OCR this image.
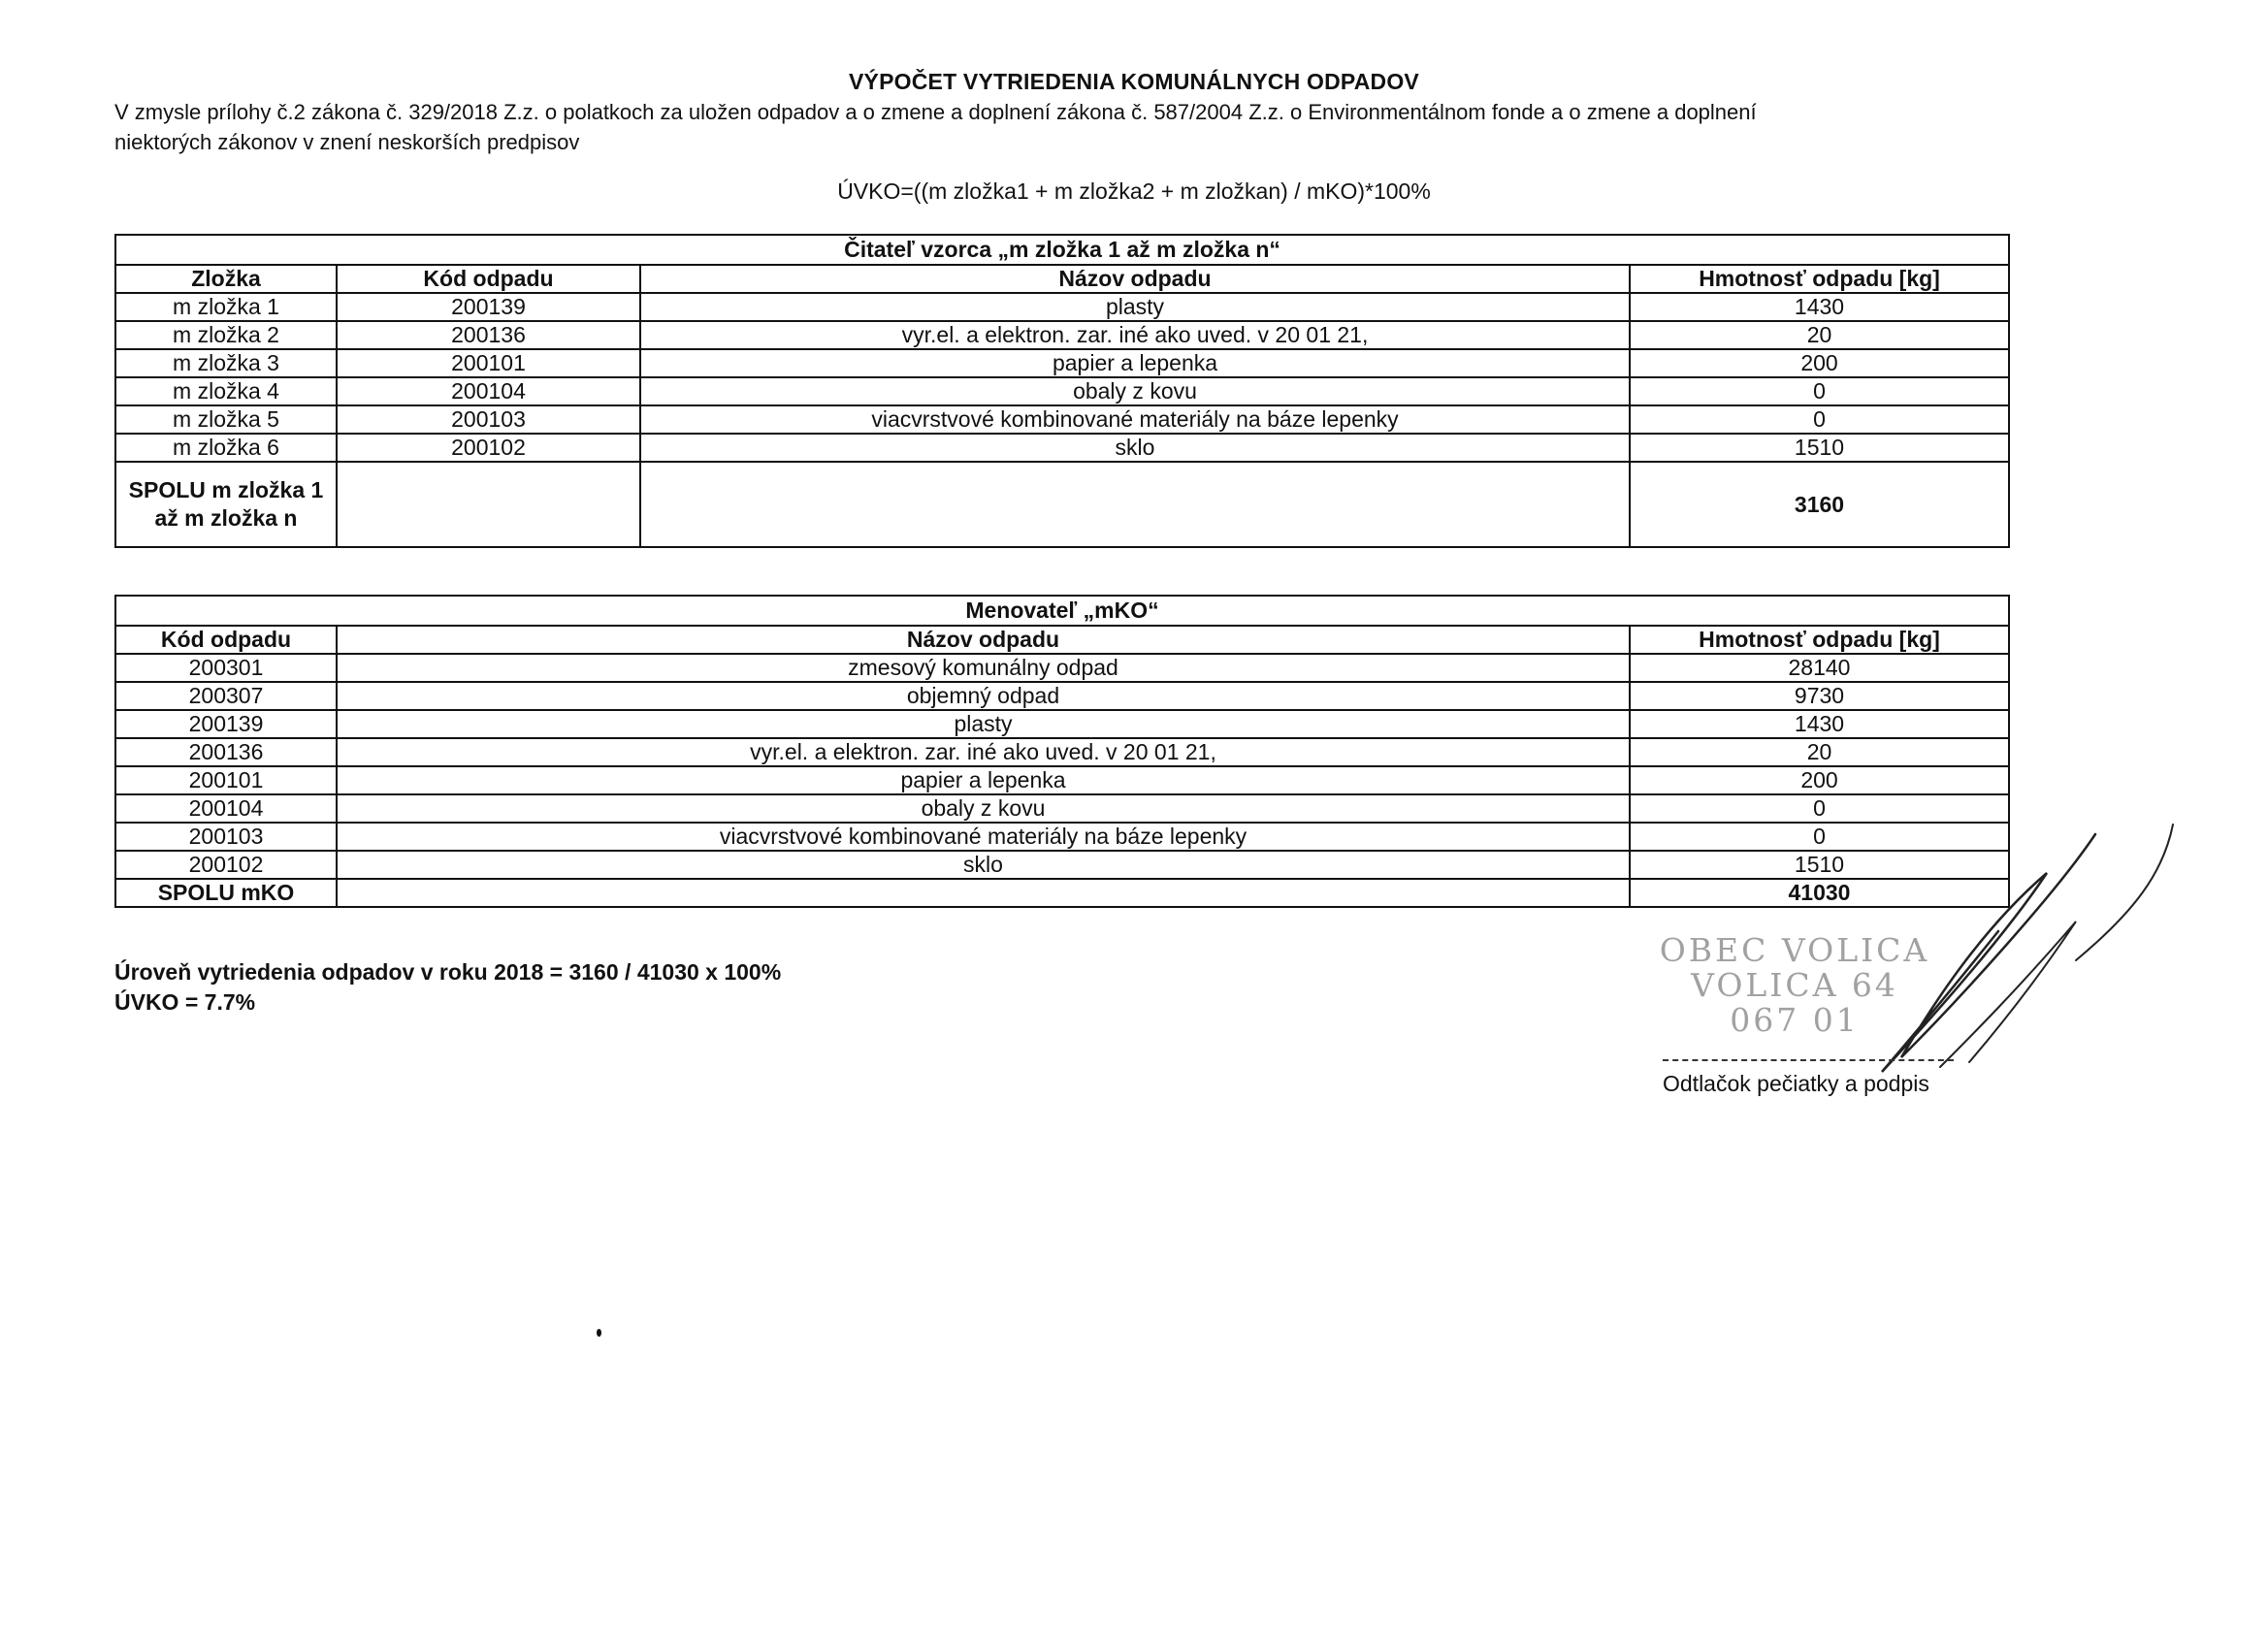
VÝPOČET VYTRIEDENIA KOMUNÁLNYCH ODPADOV
V zmysle prílohy č.2 zákona č. 329/2018 Z.z. o polatkoch za uložen odpadov a o zmene a doplnení zákona č. 587/2004 Z.z. o Environmentálnom fonde a o zmene a doplnení
niektorých zákonov v znení neskorších predpisov
ÚVKO=((m zložka1 + m zložka2 + m zložkan) / mKO)*100%
Čitateľ vzorca „m zložka 1 až m zložka n“			
Zložka	Kód odpadu	Názov odpadu	Hmotnosť odpadu [kg]
m zložka 1	200139	plasty	1430
m zložka 2	200136	vyr.el. a elektron. zar. iné ako uved. v 20 01 21,	20
m zložka 3	200101	papier a lepenka	200
m zložka 4	200104	obaly z kovu	0
m zložka 5	200103	viacvrstvové kombinované materiály na báze lepenky	0
m zložka 6	200102	sklo	1510
SPOLU m zložka 1 až m zložka n			3160
Menovateľ „mKO“		
Kód odpadu	Názov odpadu	Hmotnosť odpadu [kg]
200301	zmesový komunálny odpad	28140
200307	objemný odpad	9730
200139	plasty	1430
200136	vyr.el. a elektron. zar. iné ako uved. v 20 01 21,	20
200101	papier a lepenka	200
200104	obaly z kovu	0
200103	viacvrstvové kombinované materiály na báze lepenky	0
200102	sklo	1510
SPOLU mKO		41030
Úroveň vytriedenia odpadov v roku 2018 = 3160 / 41030 x 100%
ÚVKO = 7.7%
OBEC VOLICA
VOLICA 64
067 01
Odtlačok pečiatky a podpis
